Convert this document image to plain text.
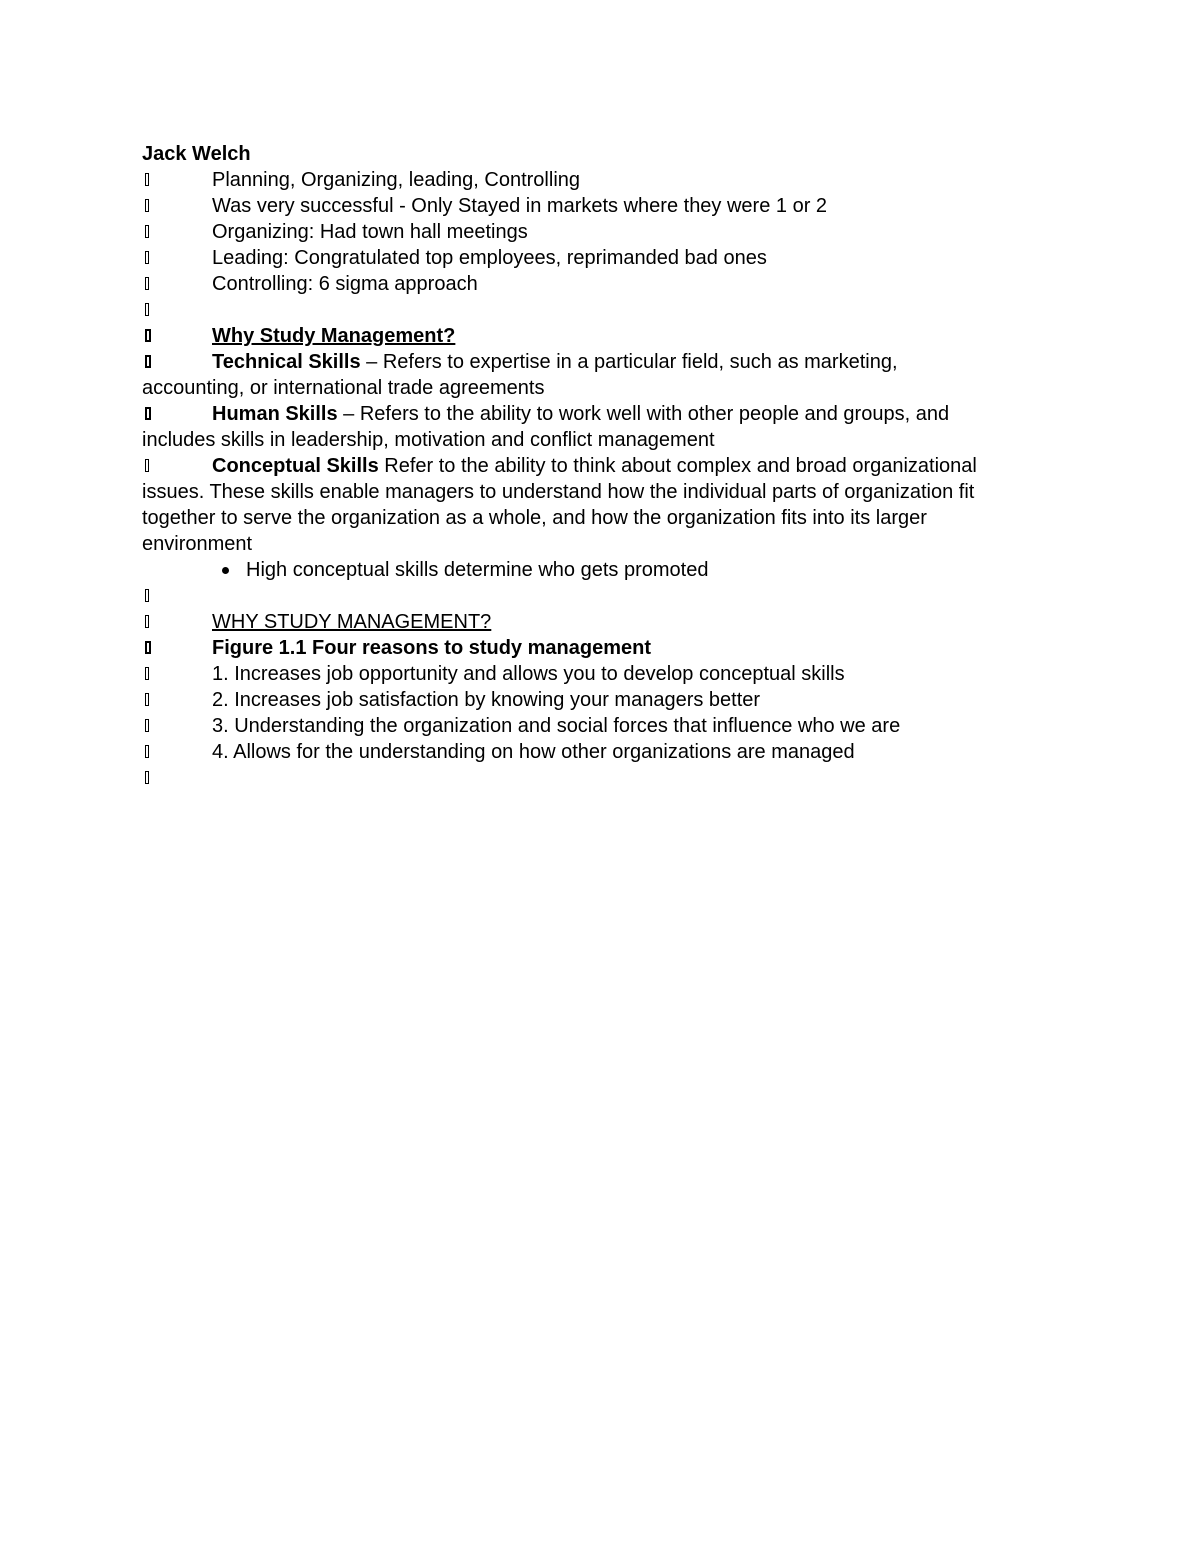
Jack Welch
Planning, Organizing, leading, Controlling
Was very successful - Only Stayed in markets where they were 1 or 2
Organizing: Had town hall meetings
Leading: Congratulated top employees, reprimanded bad ones
Controlling: 6 sigma approach
Why Study Management?
Technical Skills – Refers to expertise in a particular field, such as marketing,
accounting, or international trade agreements
Human Skills – Refers to the ability to work well with other people and groups, and
includes skills in leadership, motivation and conflict management
Conceptual Skills Refer to the ability to think about complex and broad organizational
issues. These skills enable managers to understand how the individual parts of organization fit
together to serve the organization as a whole, and how the organization fits into its larger
environment
High conceptual skills determine who gets promoted
WHY STUDY MANAGEMENT?
Figure 1.1 Four reasons to study management
1. Increases job opportunity and allows you to develop conceptual skills
2. Increases job satisfaction by knowing your managers better
3. Understanding the organization and social forces that influence who we are
4. Allows for the understanding on how other organizations are managed
